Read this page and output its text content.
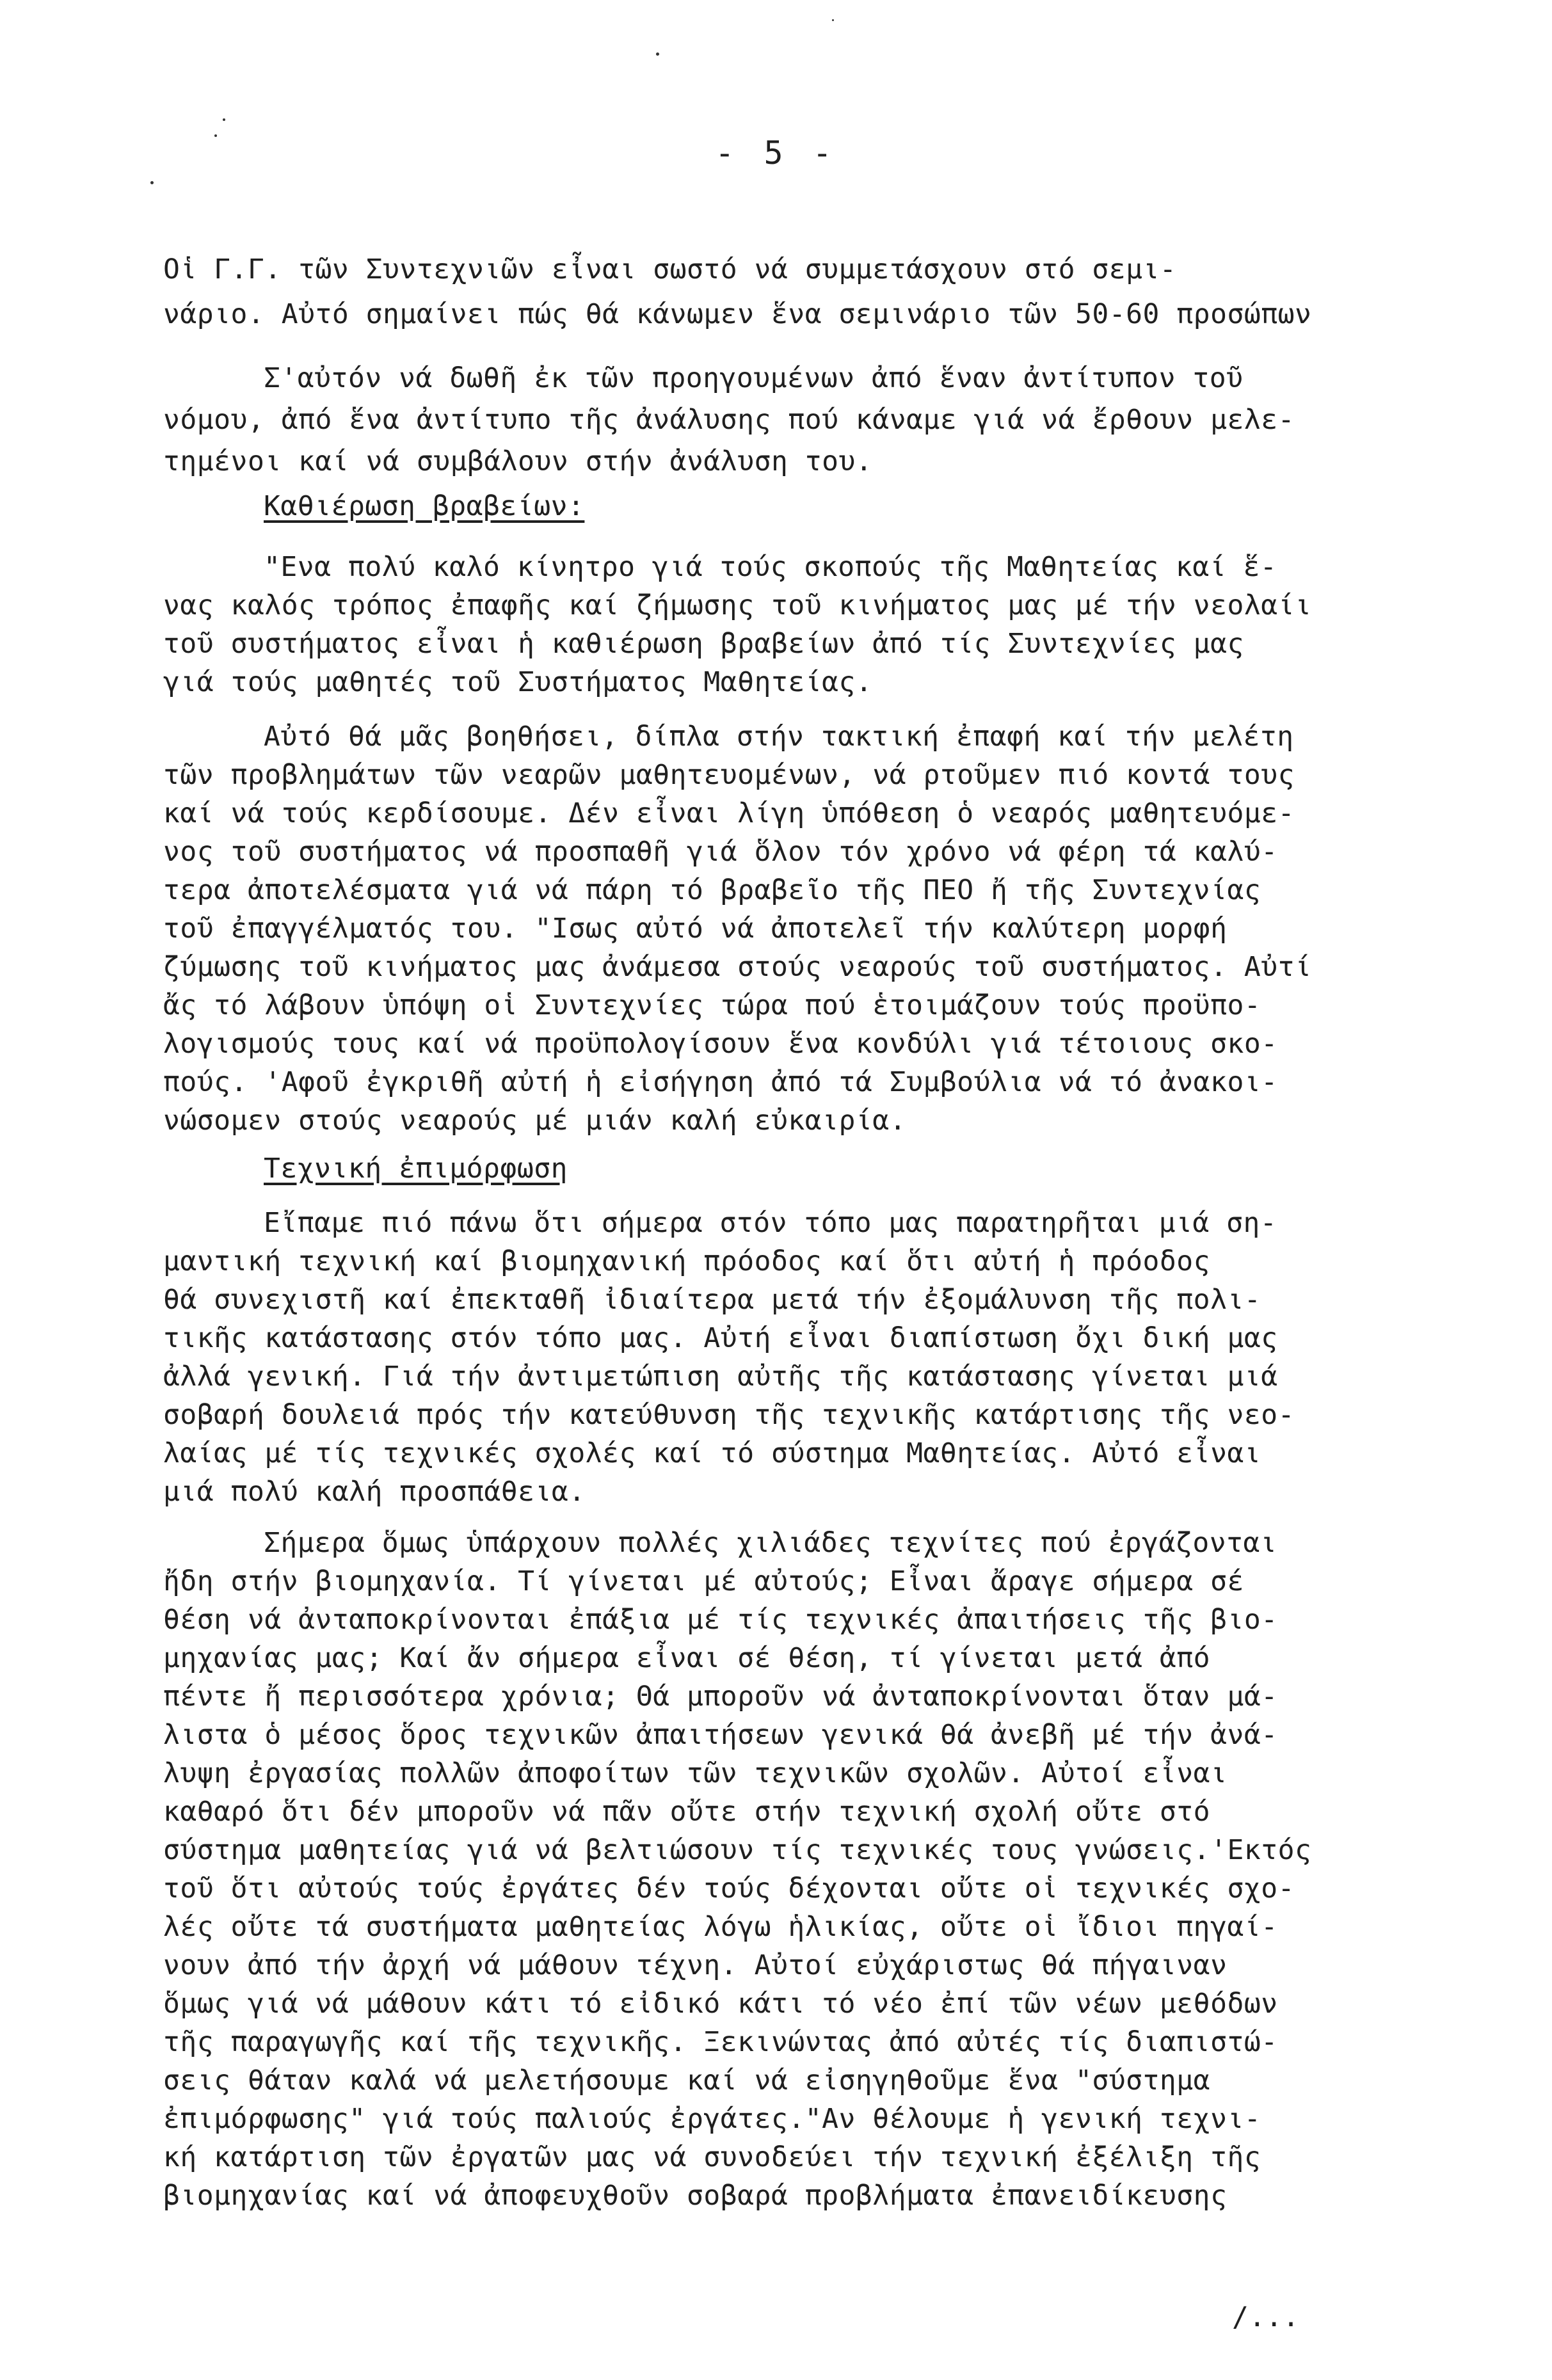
- 5 -
Οἱ Γ.Γ. τῶν Συντεχνιῶν εἶναι σωστό νά συμμετάσχουν στό σεμι-
νάριο. Αὐτό σημαίνει πώς θά κάνωμεν ἕνα σεμινάριο τῶν 50-60 προσώπων
Σ'αὐτόν νά δωθῆ ἐκ τῶν προηγουμένων ἀπό ἕναν ἀντίτυπον τοῦ
νόμου, ἀπό ἕνα ἀντίτυπο τῆς ἀνάλυσης πού κάναμε γιά νά ἔρθουν μελε-
τημένοι καί νά συμβάλουν στήν ἀνάλυση του.
Καθιέρωση βραβείων:
"Ενα πολύ καλό κίνητρο γιά τούς σκοπούς τῆς Μαθητείας καί ἕ-
νας καλός τρόπος ἐπαφῆς καί ζήμωσης τοῦ κινήματος μας μέ τήν νεολαίι
τοῦ συστήματος εἶναι ἡ καθιέρωση βραβείων ἀπό τίς Συντεχνίες μας
γιά τούς μαθητές τοῦ Συστήματος Μαθητείας.
Αὐτό θά μᾶς βοηθήσει, δίπλα στήν τακτική ἐπαφή καί τήν μελέτη
τῶν προβλημάτων τῶν νεαρῶν μαθητευομένων, νά ρτοῦμεν πιό κοντά τους
καί νά τούς κερδίσουμε. Δέν εἶναι λίγη ὑπόθεση ὁ νεαρός μαθητευόμε-
νος τοῦ συστήματος νά προσπαθῆ γιά ὅλον τόν χρόνο νά φέρη τά καλύ-
τερα ἀποτελέσματα γιά νά πάρη τό βραβεῖο τῆς ΠΕΟ ἤ τῆς Συντεχνίας
τοῦ ἐπαγγέλματός του. "Ισως αὐτό νά ἀποτελεῖ τήν καλύτερη μορφή
ζύμωσης τοῦ κινήματος μας ἀνάμεσα στούς νεαρούς τοῦ συστήματος. Αὐτί
ἄς τό λάβουν ὑπόψη οἱ Συντεχνίες τώρα πού ἑτοιμάζουν τούς προϋπο-
λογισμούς τους καί νά προϋπολογίσουν ἕνα κονδύλι γιά τέτοιους σκο-
πούς. 'Αφοῦ ἐγκριθῆ αὐτή ἡ εἰσήγηση ἀπό τά Συμβούλια νά τό ἀνακοι-
νώσομεν στούς νεαρούς μέ μιάν καλή εὐκαιρία.
Τεχνική ἐπιμόρφωση
Εἴπαμε πιό πάνω ὅτι σήμερα στόν τόπο μας παρατηρῆται μιά ση-
μαντική τεχνική καί βιομηχανική πρόοδος καί ὅτι αὐτή ἡ πρόοδος
θά συνεχιστῆ καί ἐπεκταθῆ ἰδιαίτερα μετά τήν ἐξομάλυνση τῆς πολι-
τικῆς κατάστασης στόν τόπο μας. Αὐτή εἶναι διαπίστωση ὄχι δική μας
ἀλλά γενική. Γιά τήν ἀντιμετώπιση αὐτῆς τῆς κατάστασης γίνεται μιά
σοβαρή δουλειά πρός τήν κατεύθυνση τῆς τεχνικῆς κατάρτισης τῆς νεο-
λαίας μέ τίς τεχνικές σχολές καί τό σύστημα Μαθητείας. Αὐτό εἶναι
μιά πολύ καλή προσπάθεια.
Σήμερα ὅμως ὑπάρχουν πολλές χιλιάδες τεχνίτες πού ἐργάζονται
ἤδη στήν βιομηχανία. Τί γίνεται μέ αὐτούς; Εἶναι ἄραγε σήμερα σέ
θέση νά ἀνταποκρίνονται ἐπάξια μέ τίς τεχνικές ἀπαιτήσεις τῆς βιο-
μηχανίας μας; Καί ἄν σήμερα εἶναι σέ θέση, τί γίνεται μετά ἀπό
πέντε ἤ περισσότερα χρόνια; Θά μποροῦν νά ἀνταποκρίνονται ὅταν μά-
λιστα ὁ μέσος ὅρος τεχνικῶν ἀπαιτήσεων γενικά θά ἀνεβῆ μέ τήν ἀνά-
λυψη ἐργασίας πολλῶν ἀποφοίτων τῶν τεχνικῶν σχολῶν. Αὐτοί εἶναι
καθαρό ὅτι δέν μποροῦν νά πᾶν οὔτε στήν τεχνική σχολή οὔτε στό
σύστημα μαθητείας γιά νά βελτιώσουν τίς τεχνικές τους γνώσεις.'Εκτός
τοῦ ὅτι αὐτούς τούς ἐργάτες δέν τούς δέχονται οὔτε οἱ τεχνικές σχο-
λές οὔτε τά συστήματα μαθητείας λόγω ἡλικίας, οὔτε οἱ ἴδιοι πηγαί-
νουν ἀπό τήν ἀρχή νά μάθουν τέχνη. Αὐτοί εὐχάριστως θά πήγαιναν
ὅμως γιά νά μάθουν κάτι τό εἰδικό κάτι τό νέο ἐπί τῶν νέων μεθόδων
τῆς παραγωγῆς καί τῆς τεχνικῆς. Ξεκινώντας ἀπό αὐτές τίς διαπιστώ-
σεις θάταν καλά νά μελετήσουμε καί νά εἰσηγηθοῦμε ἕνα "σύστημα
ἐπιμόρφωσης" γιά τούς παλιούς ἐργάτες."Αν θέλουμε ἡ γενική τεχνι-
κή κατάρτιση τῶν ἐργατῶν μας νά συνοδεύει τήν τεχνική ἐξέλιξη τῆς
βιομηχανίας καί νά ἀποφευχθοῦν σοβαρά προβλήματα ἐπανειδίκευσης
/...
